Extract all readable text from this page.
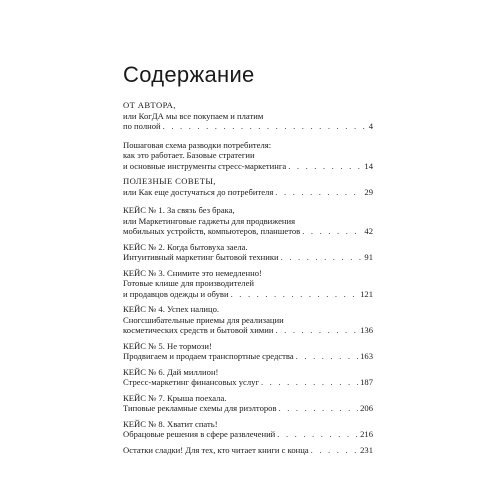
Содержание
ОТ АВТОРА,
или КогДА мы все покупаем и платим
по полной . . .	4
Пошаговая схема разводки потребителя:
как это работает. Базовые стратегии
и основные инструменты стресс-маркетинга . . .	14
ПОЛЕЗНЫЕ СОВЕТЫ,
или Как еще достучаться до потребителя . . .	29
КЕЙС № 1. За связь без брака,
или Маркетинговые гаджеты для продвижения
мобильных устройств, компьютеров, планшетов . . .	42
КЕЙС № 2. Когда бытовуха заела.
Интуитивный маркетинг бытовой техники . . .	91
КЕЙС № 3. Снимите это немедленно!
Готовые клише для производителей
и продавцов одежды и обуви . . .	121
КЕЙС № 4. Успех налицо.
Сногсшибательные приемы для реализации
косметических средств и бытовой химии . . .	136
КЕЙС № 5. Не тормози!
Продвигаем и продаем транспортные средства . . .	163
КЕЙС № 6. Дай миллион!
Стресс-маркетинг финансовых услуг . . .	187
КЕЙС № 7. Крыша поехала.
Типовые рекламные схемы для риэлторов . . .	206
КЕЙС № 8. Хватит спать!
Обрацовые решения в сфере развлечений . . .	216
Остатки сладки! Для тех, кто читает книги с конца . . .	231
